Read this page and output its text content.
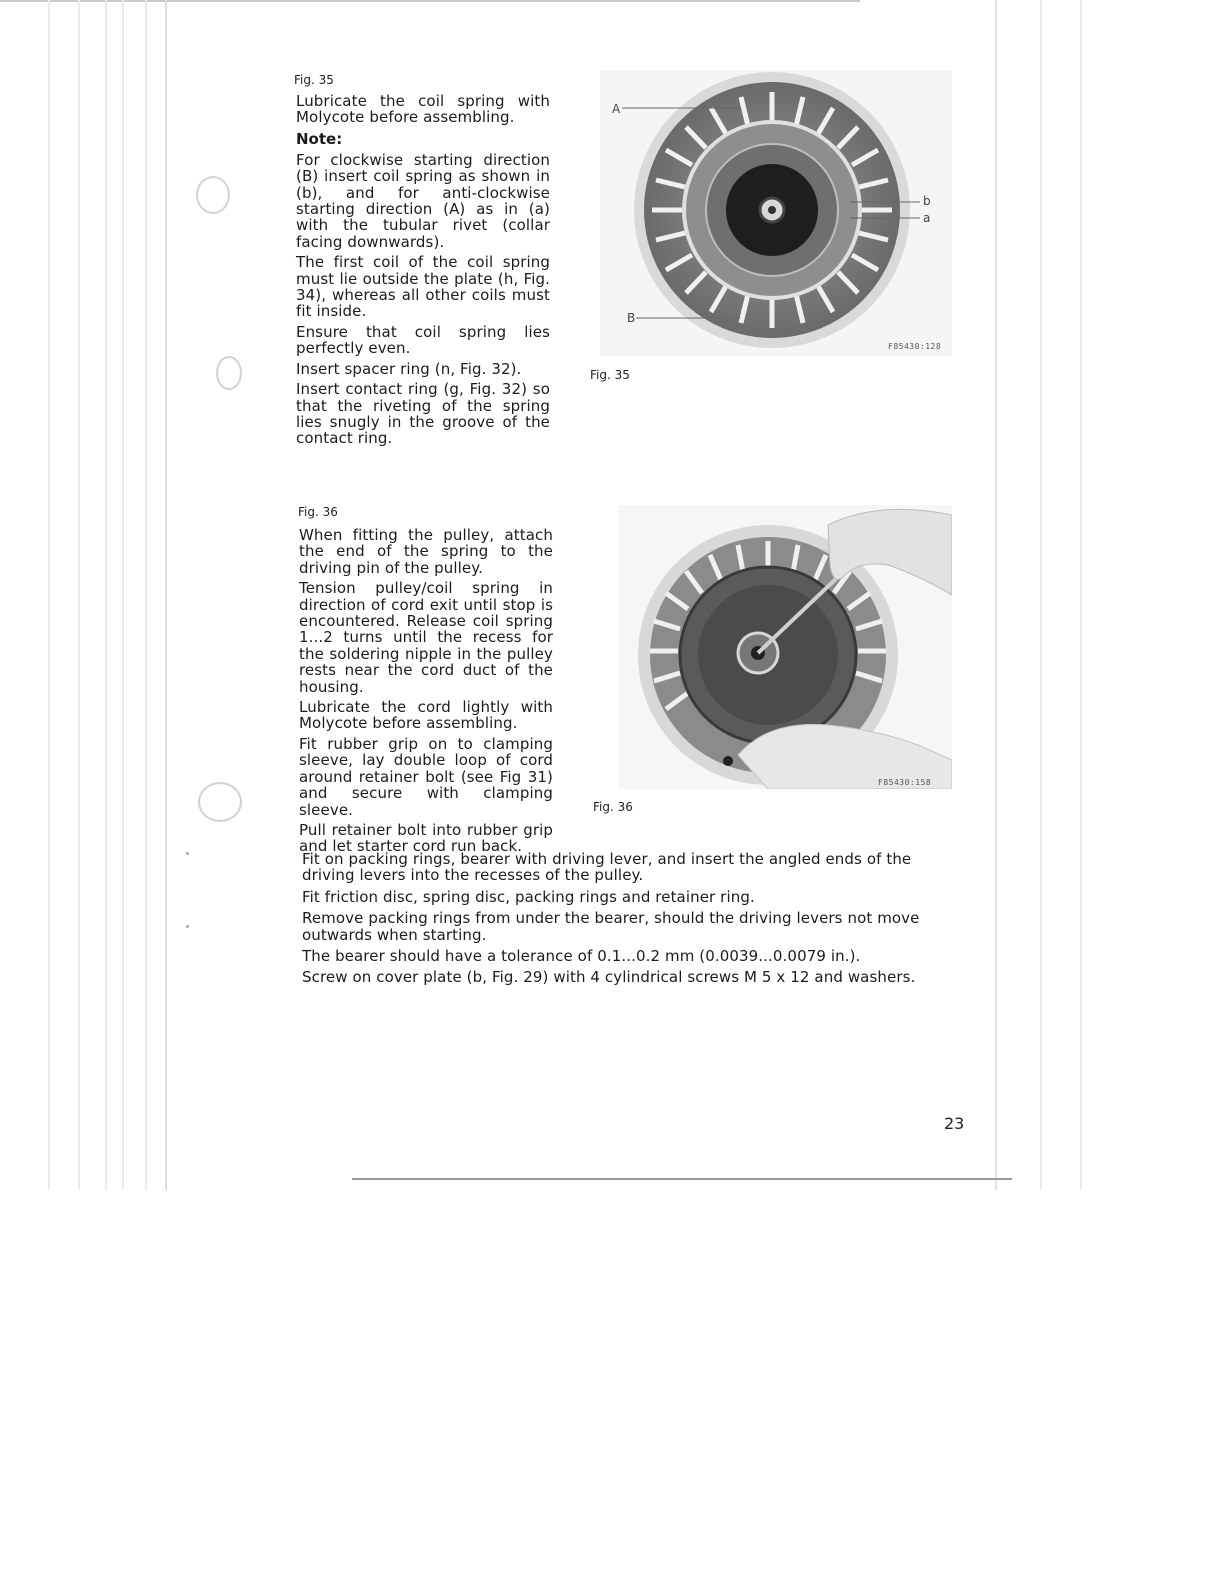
Fig. 35

Lubricate the coil spring with Molycote before assembling.

Note:

For clockwise starting direction (B) insert coil spring as shown in (b), and for anti-clockwise starting direction (A) as in (a) with the tubular rivet (collar facing downwards).

The first coil of the coil spring must lie outside the plate (h, Fig. 34), whereas all other coils must fit inside.

Ensure that coil spring lies perfectly even.

Insert spacer ring (n, Fig. 32).

Insert contact ring (g, Fig. 32) so that the riveting of the spring lies snugly in the groove of the contact ring.

A
B
b
a
F85430:128
Fig. 35
Fig. 36

When fitting the pulley, attach the end of the spring to the driving pin of the pulley.

Tension pulley/coil spring in direction of cord exit until stop is encountered. Release coil spring 1...2 turns until the recess for the soldering nipple in the pulley rests near the cord duct of the housing.

Lubricate the cord lightly with Molycote before assembling.

Fit rubber grip on to clamping sleeve, lay double loop of cord around retainer bolt (see Fig 31) and secure with clamping sleeve.

Pull retainer bolt into rubber grip and let starter cord run back.

F85430:158
Fig. 36

Fit on packing rings, bearer with driving lever, and insert the angled ends of the driving levers into the recesses of the pulley.

Fit friction disc, spring disc, packing rings and retainer ring.

Remove packing rings from under the bearer, should the driving levers not move outwards when starting.

The bearer should have a tolerance of 0.1...0.2 mm (0.0039...0.0079 in.).

Screw on cover plate (b, Fig. 29) with 4 cylindrical screws M 5 x 12 and washers.

23
